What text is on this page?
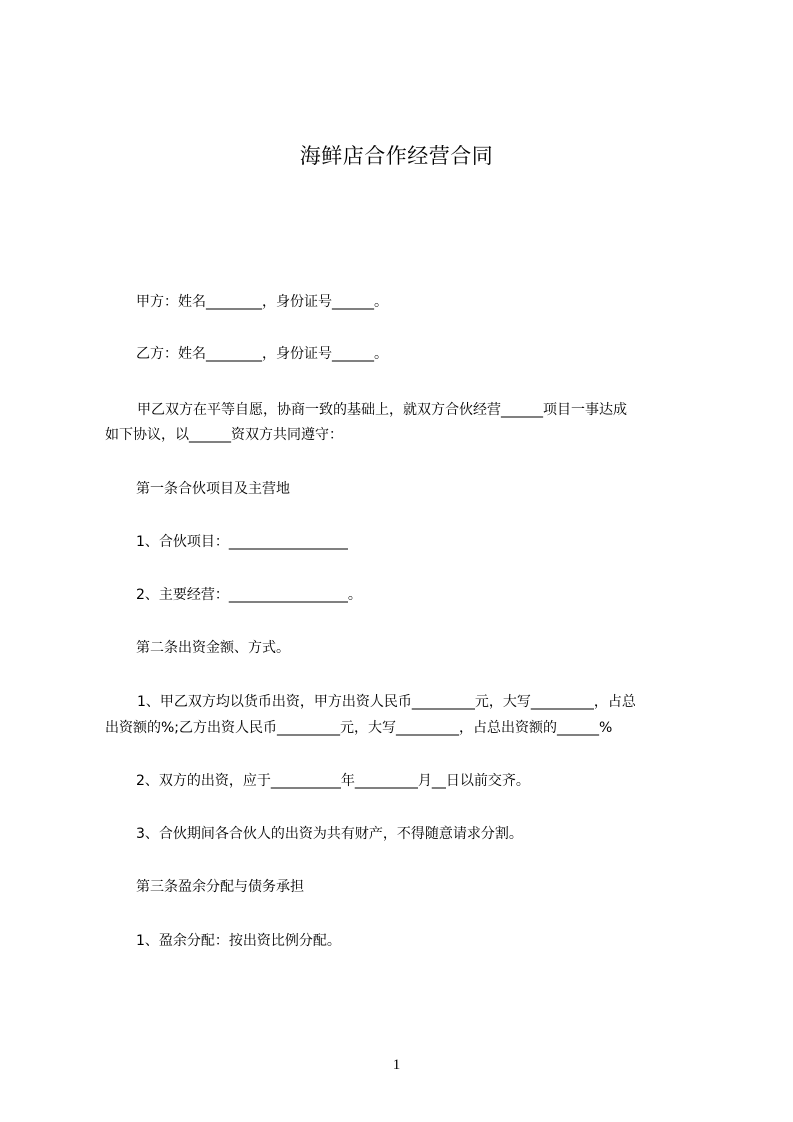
海鲜店合作经营合同
甲方：姓名________，身份证号______。
乙方：姓名________，身份证号______。
甲乙双方在平等自愿，协商一致的基础上，就双方合伙经营______项目一事达成
如下协议，以______资双方共同遵守：
第一条合伙项目及主营地
1、合伙项目：_________________
2、主要经营：_________________。
第二条出资金额、方式。
1、甲乙双方均以货币出资，甲方出资人民币_________元，大写_________，占总
出资额的%;乙方出资人民币_________元，大写_________，占总出资额的______%
2、双方的出资，应于__________年_________月__日以前交齐。
3、合伙期间各合伙人的出资为共有财产，不得随意请求分割。
第三条盈余分配与债务承担
1、盈余分配：按出资比例分配。
1
